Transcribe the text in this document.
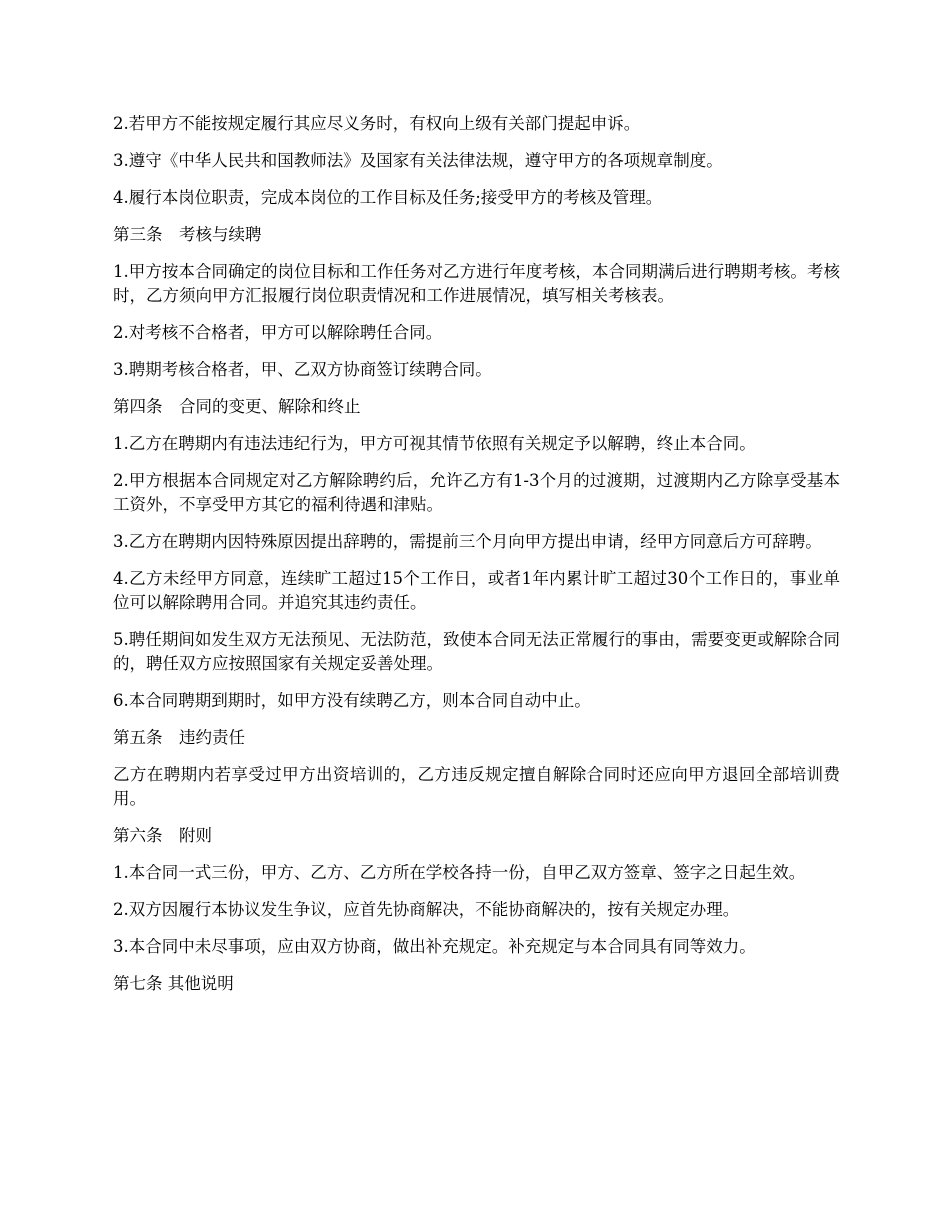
2.若甲方不能按规定履行其应尽义务时，有权向上级有关部门提起申诉。

3.遵守《中华人民共和国教师法》及国家有关法律法规，遵守甲方的各项规章制度。

4.履行本岗位职责，完成本岗位的工作目标及任务;接受甲方的考核及管理。

第三条　考核与续聘

1.甲方按本合同确定的岗位目标和工作任务对乙方进行年度考核，本合同期满后进行聘期考核。考核时，乙方须向甲方汇报履行岗位职责情况和工作进展情况，填写相关考核表。

2.对考核不合格者，甲方可以解除聘任合同。

3.聘期考核合格者，甲、乙双方协商签订续聘合同。

第四条　合同的变更、解除和终止

1.乙方在聘期内有违法违纪行为，甲方可视其情节依照有关规定予以解聘，终止本合同。

2.甲方根据本合同规定对乙方解除聘约后，允许乙方有1-3个月的过渡期，过渡期内乙方除享受基本工资外，不享受甲方其它的福利待遇和津贴。

3.乙方在聘期内因特殊原因提出辞聘的，需提前三个月向甲方提出申请，经甲方同意后方可辞聘。

4.乙方未经甲方同意，连续旷工超过15个工作日，或者1年内累计旷工超过30个工作日的，事业单位可以解除聘用合同。并追究其违约责任。

5.聘任期间如发生双方无法预见、无法防范，致使本合同无法正常履行的事由，需要变更或解除合同的，聘任双方应按照国家有关规定妥善处理。

6.本合同聘期到期时，如甲方没有续聘乙方，则本合同自动中止。

第五条　违约责任

乙方在聘期内若享受过甲方出资培训的，乙方违反规定擅自解除合同时还应向甲方退回全部培训费用。

第六条　附则

1.本合同一式三份，甲方、乙方、乙方所在学校各持一份，自甲乙双方签章、签字之日起生效。

2.双方因履行本协议发生争议，应首先协商解决，不能协商解决的，按有关规定办理。

3.本合同中未尽事项，应由双方协商，做出补充规定。补充规定与本合同具有同等效力。

第七条 其他说明
